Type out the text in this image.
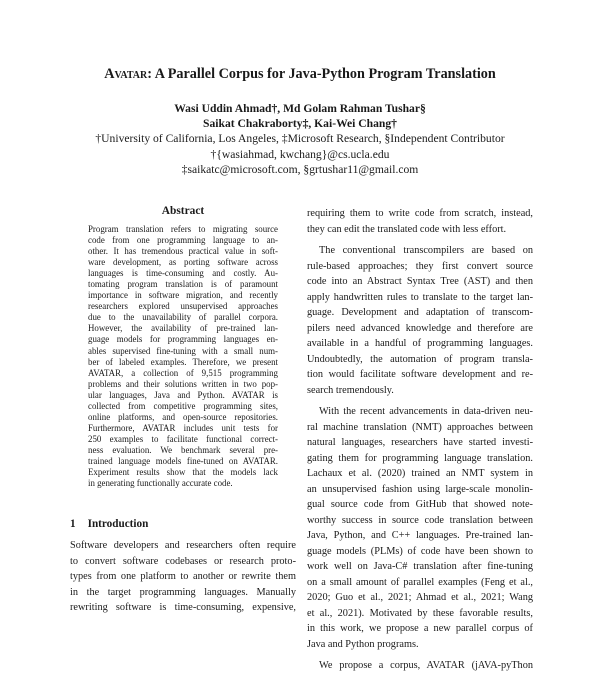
Avatar: A Parallel Corpus for Java-Python Program Translation
Wasi Uddin Ahmad†, Md Golam Rahman Tushar§
Saikat Chakraborty‡, Kai-Wei Chang†
†University of California, Los Angeles, ‡Microsoft Research, §Independent Contributor
†{wasiahmad, kwchang}@cs.ucla.edu
‡saikatc@microsoft.com, §grtushar11@gmail.com
Abstract
Program translation refers to migrating source
code from one programming language to an-
other. It has tremendous practical value in soft-
ware development, as porting software across
languages is time-consuming and costly. Au-
tomating program translation is of paramount
importance in software migration, and recently
researchers explored unsupervised approaches
due to the unavailability of parallel corpora.
However, the availability of pre-trained lan-
guage models for programming languages en-
ables supervised fine-tuning with a small num-
ber of labeled examples. Therefore, we present
AVATAR, a collection of 9,515 programming
problems and their solutions written in two pop-
ular languages, Java and Python. AVATAR is
collected from competitive programming sites,
online platforms, and open-source repositories.
Furthermore, AVATAR includes unit tests for
250 examples to facilitate functional correct-
ness evaluation. We benchmark several pre-
trained language models fine-tuned on AVATAR.
Experiment results show that the models lack
in generating functionally accurate code.
1 Introduction
Software developers and researchers often require
to convert software codebases or research proto-
types from one platform to another or rewrite them
in the target programming languages. Manually
rewriting software is time-consuming, expensive,
requiring them to write code from scratch, instead,
they can edit the translated code with less effort.
The conventional transcompilers are based on
rule-based approaches; they first convert source
code into an Abstract Syntax Tree (AST) and then
apply handwritten rules to translate to the target lan-
guage. Development and adaptation of transcom-
pilers need advanced knowledge and therefore are
available in a handful of programming languages.
Undoubtedly, the automation of program transla-
tion would facilitate software development and re-
search tremendously.
With the recent advancements in data-driven neu-
ral machine translation (NMT) approaches between
natural languages, researchers have started investi-
gating them for programming language translation.
Lachaux et al. (2020) trained an NMT system in
an unsupervised fashion using large-scale monolin-
gual source code from GitHub that showed note-
worthy success in source code translation between
Java, Python, and C++ languages. Pre-trained lan-
guage models (PLMs) of code have been shown to
work well on Java-C# translation after fine-tuning
on a small amount of parallel examples (Feng et al.,
2020; Guo et al., 2021; Ahmad et al., 2021; Wang
et al., 2021). Motivated by these favorable results,
in this work, we propose a new parallel corpus of
Java and Python programs.
We propose a corpus, AVATAR (jAVA-pyThon
